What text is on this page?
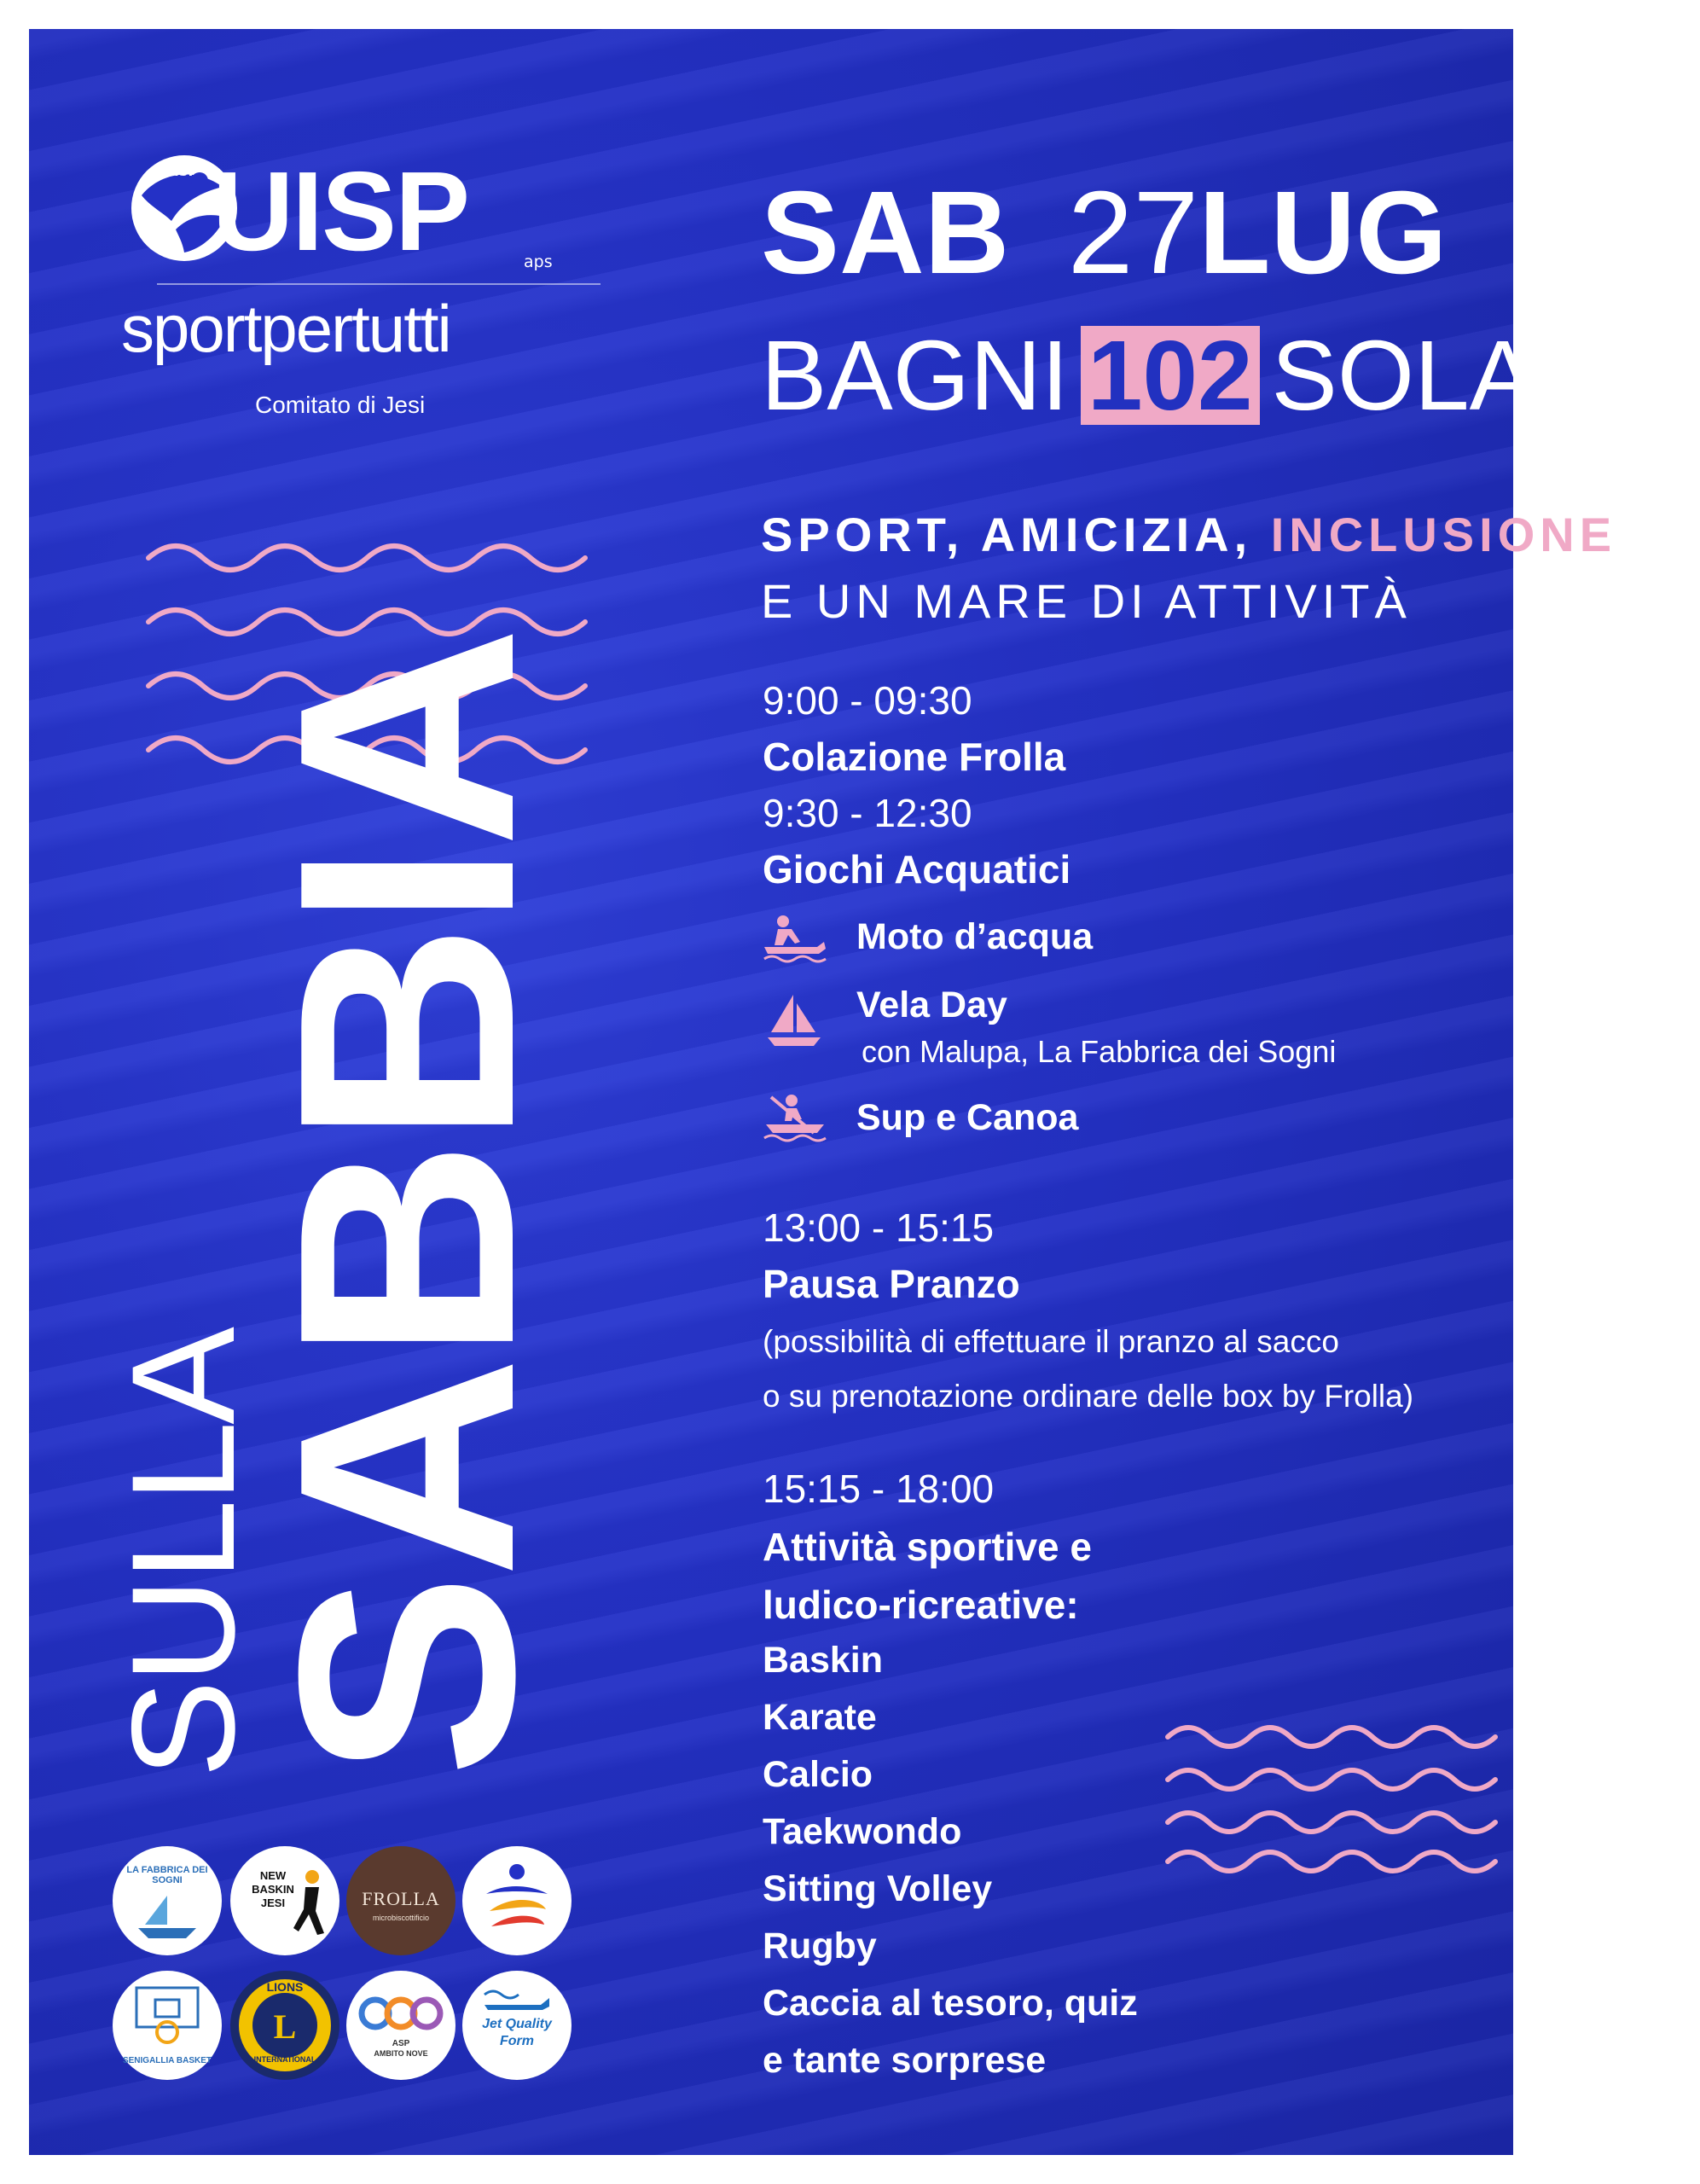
UISP UISP	aps
sportpertutti
Comitato di Jesi
SULLA
SABBIA
SAB 27LUG
BAGNI 102 SOLARIA
SPORT, AMICIZIA, INCLUSIONE
E UN MARE DI ATTIVITÀ
9:00 - 09:30
Colazione Frolla
9:30 - 12:30
Giochi Acquatici
Moto d’acqua
Vela Day
con Malupa, La Fabbrica dei Sogni
Sup e Canoa
13:00 - 15:15
Pausa Pranzo
(possibilità di effettuare il pranzo al sacco
o su prenotazione ordinare delle box by Frolla)
15:15 - 18:00
Attività sportive e
ludico-ricreative:
Baskin
Karate
Calcio
Taekwondo
Sitting Volley
Rugby
Caccia al tesoro, quiz
e tante sorprese
LA FABBRICA DEI SOGNI	NEW
BASKIN
JESI	FROLLA
microbiscottificio
SENIGALLIA BASKET
LIONS
L
INTERNATIONAL
ASP
AMBITO NOVE
Jet Quality
Form
